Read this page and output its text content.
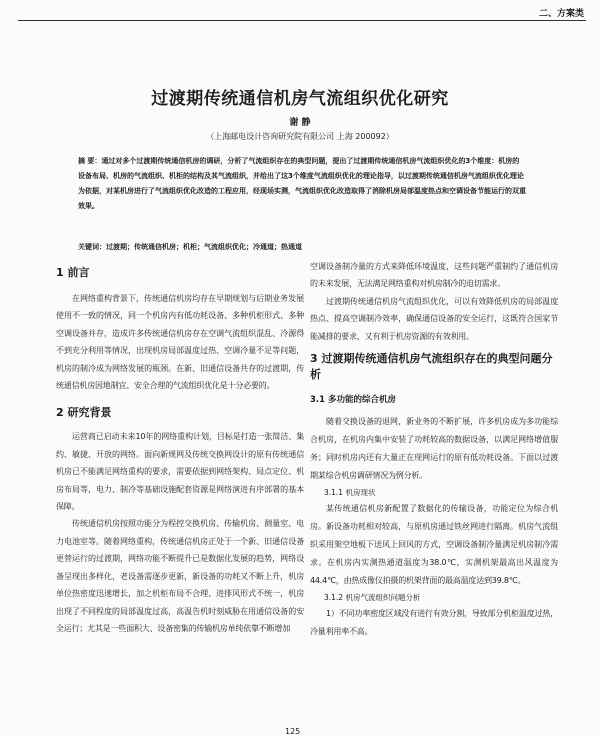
二、方案类
过渡期传统通信机房气流组织优化研究
谢 静
（上海邮电设计咨询研究院有限公司 上海 200092）
摘 要：通过对多个过渡期传统通信机房的调研，分析了气流组织存在的典型问题，提出了过渡期传统通信机房气流组织优化的3个维度：机房的设备布局、机房的气流组织、机柜的结构及其气流组织，并给出了这3个维度气流组织优化的理论指导，以过渡期传统通信机房气流组织优化理论为依据，对某机房进行了气流组织优化改造的工程应用，经现场实测，气流组织优化改造取得了消除机房局部温度热点和空调设备节能运行的双重效果。
关键词：过渡期；传统通信机房；机柜；气流组织优化；冷通道；热通道
1 前言

在网络重构背景下，传统通信机房均存在早期规划与后期业务发展使用不一致的情况，同一个机房内有低功耗设备、多种机柜形式、多种空调设备并存，造成许多传统通信机房存在空调气流组织混乱、冷源得不到充分利用等情况，出现机房局部温度过热、空调冷量不足等问题，机房的制冷成为网络发展的瓶颈。在新、旧通信设备共存的过渡期，传统通信机房因地制宜、安全合理的气流组织优化是十分必要的。

2 研究背景

运营商已启动未来10年的网络重构计划，目标是打造一张简洁、集约、敏捷、开放的网络。面向新规网及传统交换网设计的原有传统通信机房已不能满足网络重构的要求，需要依据到网络架构、局点定位、机房布局等，电力、制冷等基础设施配套资源是网络演进有序部署的基本保障。

传统通信机房按照功能分为程控交换机房、传输机房、测量室、电力电池室等。随着网络重构，传统通信机房正处于一个新、旧通信设备更替运行的过渡期，网络功能不断提升已是数据化发展的趋势，网络设备呈现出多样化，老设备需逐步更新，新设备的功耗又不断上升，机房单位热密度迅速增长，加之机柜布局不合理、进排风形式不统一，机房出现了不同程度的局部温度过高，高温告机时刻威胁在用通信设备的安全运行；尤其是一些面积大、设备密集的传输机房单纯依靠不断增加

空调设备制冷量的方式来降低环境温度，这些问题严重制约了通信机房的未来发展，无法满足网络重构对机房制冷的迫切需求。

过渡期传统通信机房气流组织优化，可以有效降低机房的局部温度热点、提高空调制冷效率，确保通信设备的安全运行，这既符合国家节能减排的要求，又有利于机房资源的有效利用。

3 过渡期传统通信机房气流组织存在的典型问题分析
3.1 多功能的综合机房

随着交换设备的退网，新业务的不断扩展，许多机房成为多功能综合机房，在机房内集中安装了功耗较高的数据设备，以满足网络增值服务；同时机房内还有大量正在现网运行的原有低功耗设备。下面以过渡期某综合机房调研情况为例分析。

3.1.1 机房现状

某传统通信机房新配置了数据化的传输设备，功能定位为综合机房。新设备功耗相对较高，与原机房通过铁丝网进行隔离。机房气流组织采用架空地板下送风上回风的方式，空调设备制冷量满足机房制冷需求。在机房内实测热通道温度为38.0℃，实测机架最高出风温度为44.4℃，由热成像仪拍摄的机架背面的最高温度达到39.8℃。

3.1.2 机房气流组织问题分析

1）不同功率密度区域没有进行有效分割，导致部分机柜温度过热，冷量利用率不高。

125
